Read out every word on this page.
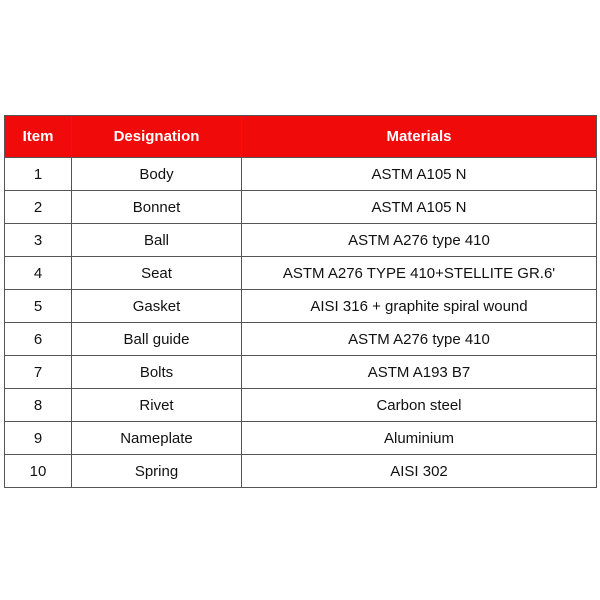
Item	Designation	Materials
1	Body	ASTM A105 N
2	Bonnet	ASTM A105 N
3	Ball	ASTM A276 type 410
4	Seat	ASTM A276 TYPE 410+STELLITE GR.6'
5	Gasket	AISI 316 + graphite spiral wound
6	Ball guide	ASTM A276 type 410
7	Bolts	ASTM A193 B7
8	Rivet	Carbon steel
9	Nameplate	Aluminium
10	Spring	AISI 302
